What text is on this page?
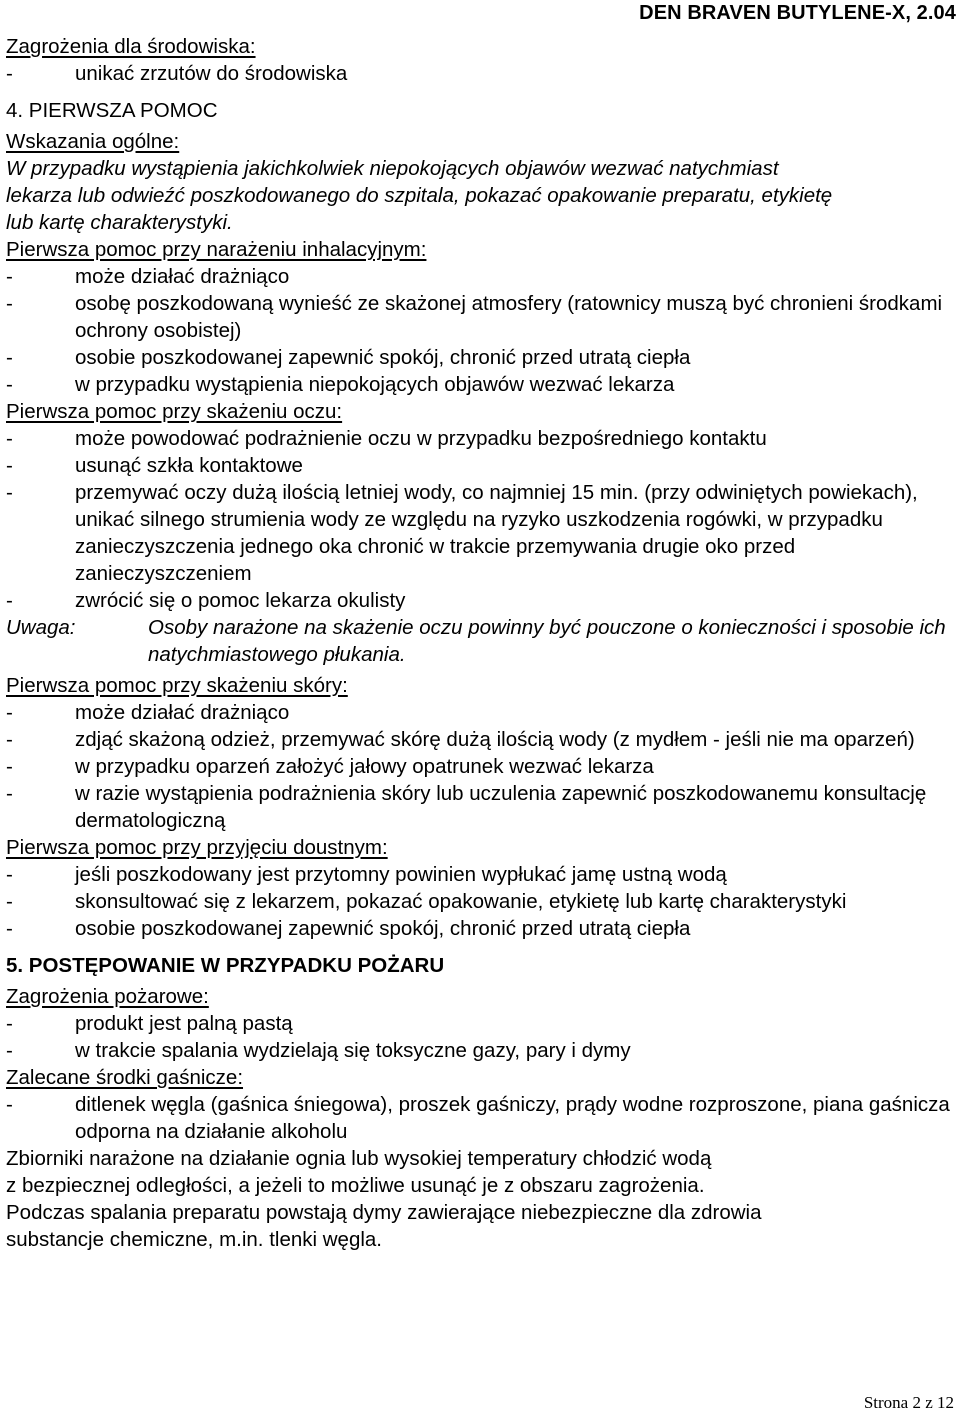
DEN BRAVEN BUTYLENE-X, 2.04
Zagrożenia dla środowiska:
-	unikać zrzutów do środowiska
4. PIERWSZA POMOC
Wskazania ogólne:
W przypadku wystąpienia jakichkolwiek niepokojących objawów wezwać natychmiast
lekarza lub odwieźć poszkodowanego do szpitala, pokazać opakowanie preparatu, etykietę
lub kartę charakterystyki.
Pierwsza pomoc przy narażeniu inhalacyjnym:
-	może działać drażniąco
-	osobę poszkodowaną wynieść ze skażonej atmosfery (ratownicy muszą być chronieni środkami ochrony osobistej)
-	osobie poszkodowanej zapewnić spokój, chronić przed utratą ciepła
-	w przypadku wystąpienia niepokojących objawów wezwać lekarza
Pierwsza pomoc przy skażeniu oczu:
-	może powodować podrażnienie oczu w przypadku bezpośredniego kontaktu
-	usunąć szkła kontaktowe
-	przemywać oczy dużą ilością letniej wody, co najmniej 15 min. (przy odwiniętych powiekach), unikać silnego strumienia wody ze względu na ryzyko uszkodzenia rogówki, w przypadku zanieczyszczenia jednego oka chronić w trakcie przemywania drugie oko przed zanieczyszczeniem
-	zwrócić się o pomoc lekarza okulisty
Uwaga:	Osoby narażone na skażenie oczu powinny być pouczone o konieczności i sposobie ich natychmiastowego płukania.
Pierwsza pomoc przy skażeniu skóry:
-	może działać drażniąco
-	zdjąć skażoną odzież, przemywać skórę dużą ilością wody (z mydłem - jeśli nie ma oparzeń)
-	w przypadku oparzeń założyć jałowy opatrunek wezwać lekarza
-	w razie wystąpienia podrażnienia skóry lub uczulenia zapewnić poszkodowanemu konsultację dermatologiczną
Pierwsza pomoc przy przyjęciu doustnym:
-	jeśli poszkodowany jest przytomny powinien wypłukać jamę ustną wodą
-	skonsultować się z lekarzem, pokazać opakowanie, etykietę lub kartę charakterystyki
-	osobie poszkodowanej zapewnić spokój, chronić przed utratą ciepła
5. POSTĘPOWANIE W PRZYPADKU POŻARU
Zagrożenia pożarowe:
-	produkt jest palną pastą
-	w trakcie spalania wydzielają się toksyczne gazy, pary i dymy
Zalecane środki gaśnicze:
-	ditlenek węgla (gaśnica śniegowa), proszek gaśniczy, prądy wodne rozproszone, piana gaśnicza odporna na działanie alkoholu
Zbiorniki narażone na działanie ognia lub wysokiej temperatury chłodzić wodą
z bezpiecznej odległości, a jeżeli to możliwe usunąć je z obszaru zagrożenia.
Podczas spalania preparatu powstają dymy zawierające niebezpieczne dla zdrowia
substancje chemiczne, m.in. tlenki węgla.
Strona 2 z 12
